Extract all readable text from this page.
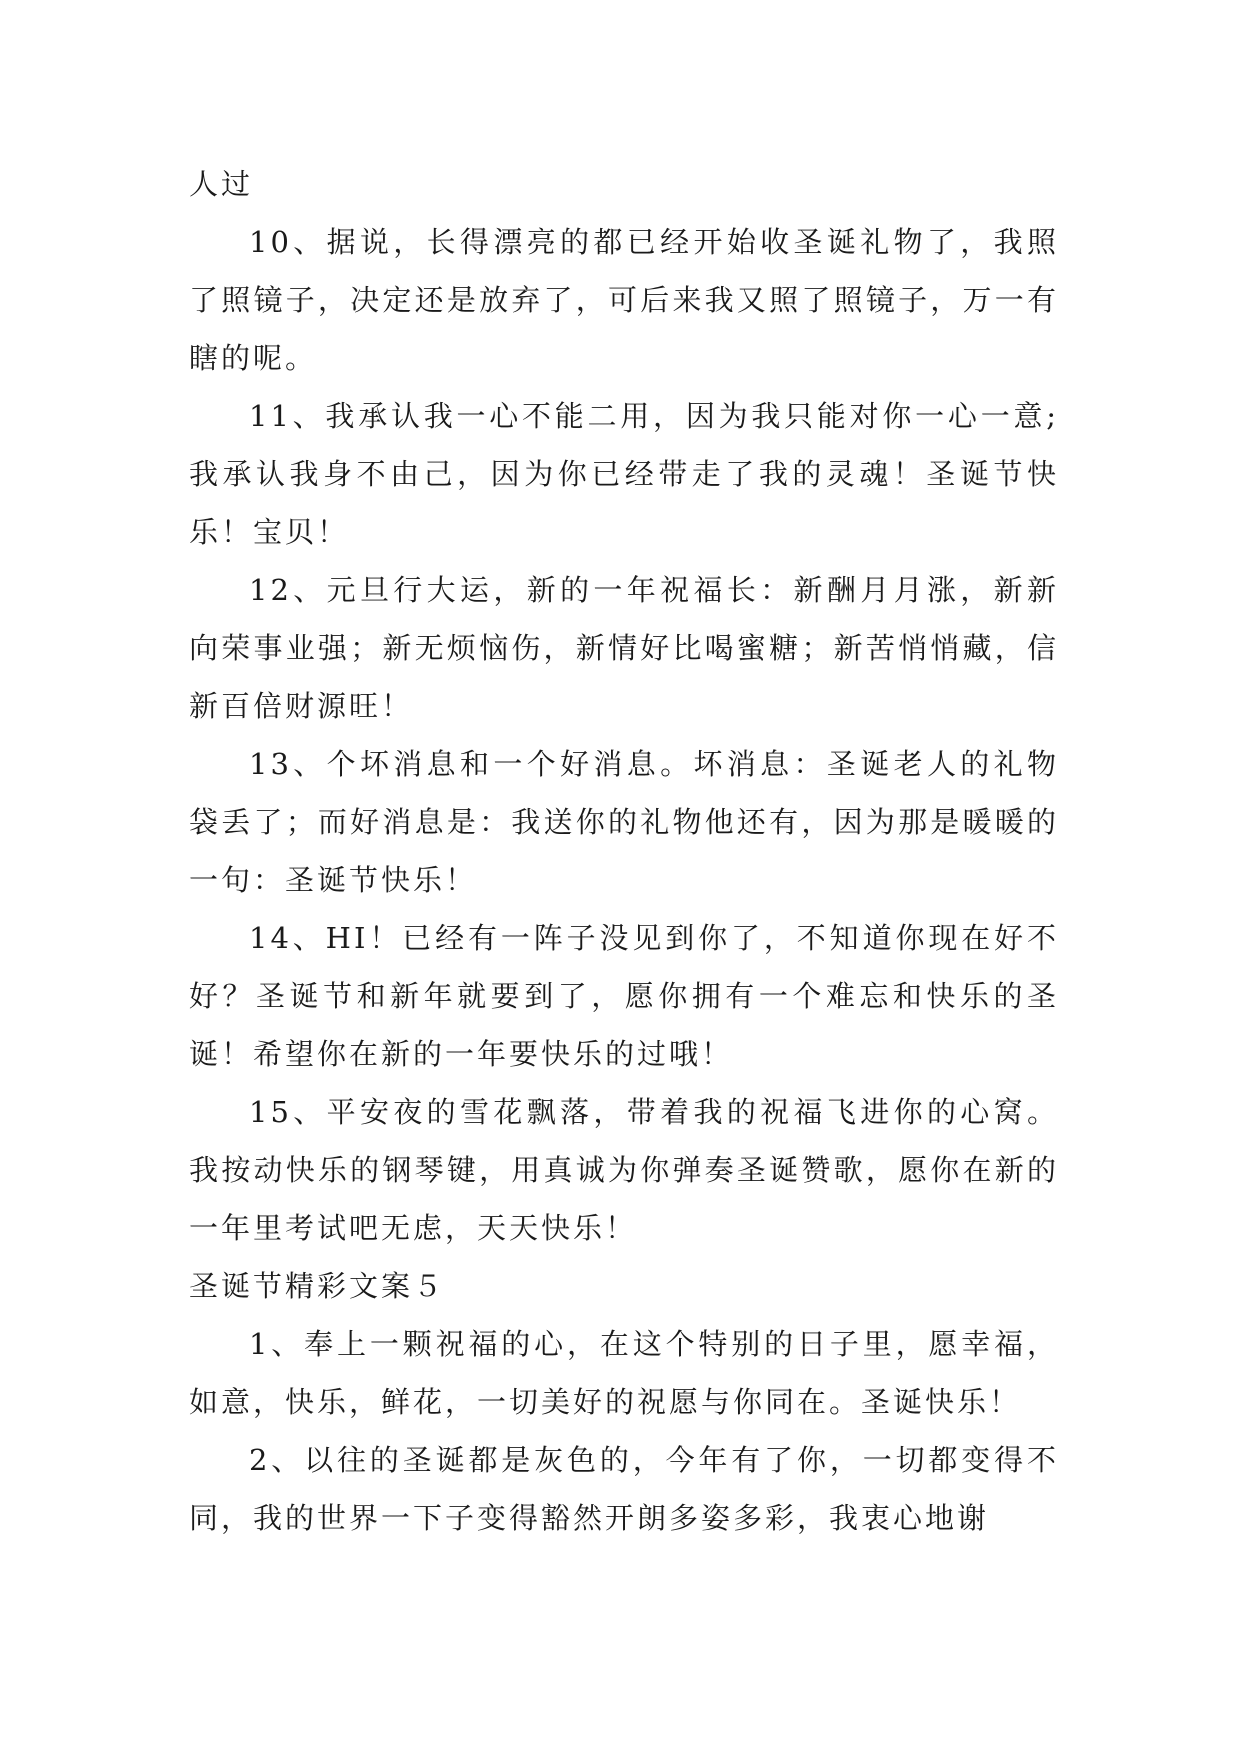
人过

10、据说，长得漂亮的都已经开始收圣诞礼物了，我照了照镜子，决定还是放弃了，可后来我又照了照镜子，万一有瞎的呢。

11、我承认我一心不能二用，因为我只能对你一心一意;我承认我身不由己，因为你已经带走了我的灵魂！圣诞节快乐！宝贝！

12、元旦行大运，新的一年祝福长：新酬月月涨，新新向荣事业强；新无烦恼伤，新情好比喝蜜糖；新苦悄悄藏，信新百倍财源旺！

13、个坏消息和一个好消息。坏消息：圣诞老人的礼物袋丢了；而好消息是：我送你的礼物他还有，因为那是暖暖的一句：圣诞节快乐！

14、HI！已经有一阵子没见到你了，不知道你现在好不好？圣诞节和新年就要到了，愿你拥有一个难忘和快乐的圣诞！希望你在新的一年要快乐的过哦！

15、平安夜的雪花飘落，带着我的祝福飞进你的心窝。我按动快乐的钢琴键，用真诚为你弹奏圣诞赞歌，愿你在新的一年里考试吧无虑，天天快乐！

圣诞节精彩文案５

1、奉上一颗祝福的心，在这个特别的日子里，愿幸福，如意，快乐，鲜花，一切美好的祝愿与你同在。圣诞快乐！

2、以往的圣诞都是灰色的，今年有了你，一切都变得不同，我的世界一下子变得豁然开朗多姿多彩，我衷心地谢
